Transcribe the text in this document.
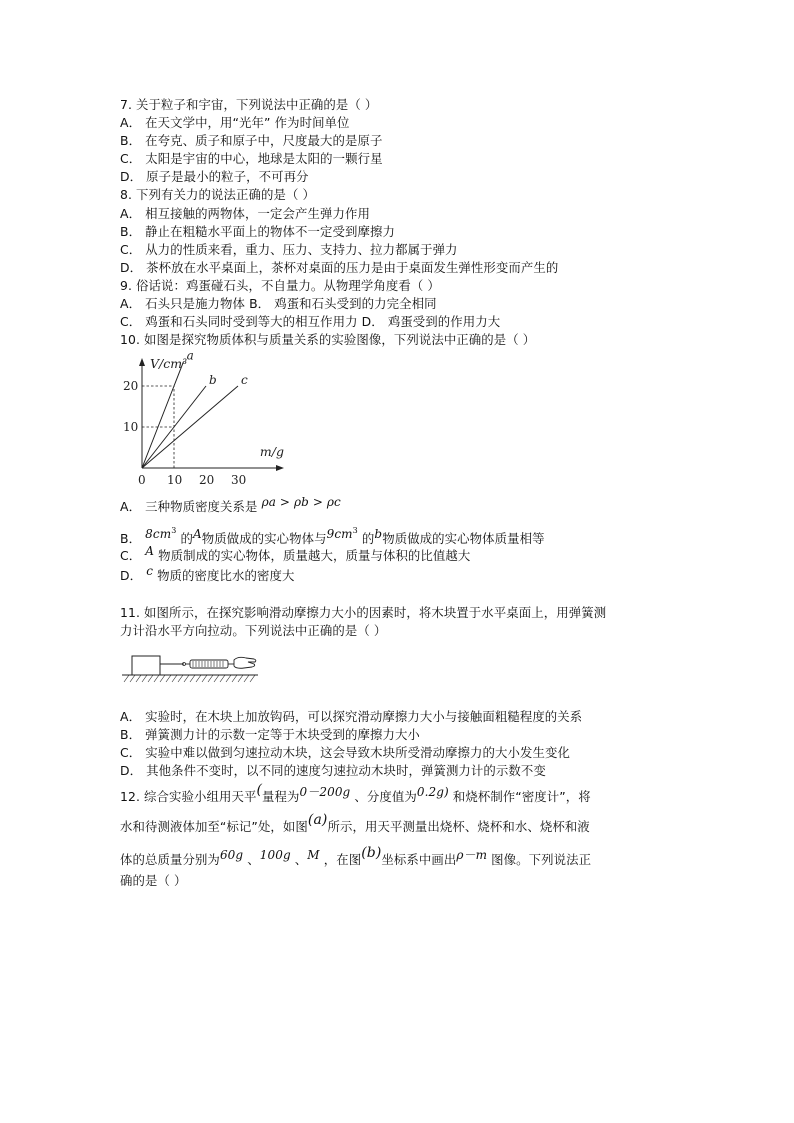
7. 关于粒子和宇宙，下列说法中正确的是（ ）
A． 在天文学中，用“光年” 作为时间单位
B． 在夸克、质子和原子中，尺度最大的是原子
C． 太阳是宇宙的中心，地球是太阳的一颗行星
D． 原子是最小的粒子，不可再分
8. 下列有关力的说法正确的是（ ）
A． 相互接触的两物体，一定会产生弹力作用
B． 静止在粗糙水平面上的物体不一定受到摩擦力
C． 从力的性质来看，重力、压力、支持力、拉力都属于弹力
D． 茶杯放在水平桌面上，茶杯对桌面的压力是由于桌面发生弹性形变而产生的
9. 俗话说：鸡蛋碰石头，不自量力。从物理学角度看（ ）
A． 石头只是施力物体 B． 鸡蛋和石头受到的力完全相同
C． 鸡蛋和石头同时受到等大的相互作用力 D． 鸡蛋受到的作用力大
10. 如图是探究物质体积与质量关系的实验图像，下列说法中正确的是（ ）
a
b c
0 10 20 30
10
20
m/g
V/cm³
A． 三种物质密度关系是 ρa > ρb > ρc
B． $8cm^3$ 的A物质做成的实心物体与$9cm^3$ 的b物质做成的实心物体质量相等
C． A 物质制成的实心物体，质量越大，质量与体积的比值越大
D． c 物质的密度比水的密度大
11. 如图所示，在探究影响滑动摩擦力大小的因素时，将木块置于水平桌面上，用弹簧测
力计沿水平方向拉动。下列说法中正确的是（ ）
A． 实验时，在木块上加放钩码，可以探究滑动摩擦力大小与接触面粗糙程度的关系
B． 弹簧测力计的示数一定等于木块受到的摩擦力大小
C． 实验中难以做到匀速拉动木块，这会导致木块所受滑动摩擦力的大小发生变化
D． 其他条件不变时，以不同的速度匀速拉动木块时，弹簧测力计的示数不变
12. 综合实验小组用天平(量程为0－200g 、分度值为0.2g) 和烧杯制作“密度计”，将
水和待测液体加至“标记”处，如图(a)所示，用天平测量出烧杯、烧杯和水、烧杯和液
体的总质量分别为60g 、100g 、M ，在图(b)坐标系中画出ρ－m 图像。下列说法正
确的是（ ）
